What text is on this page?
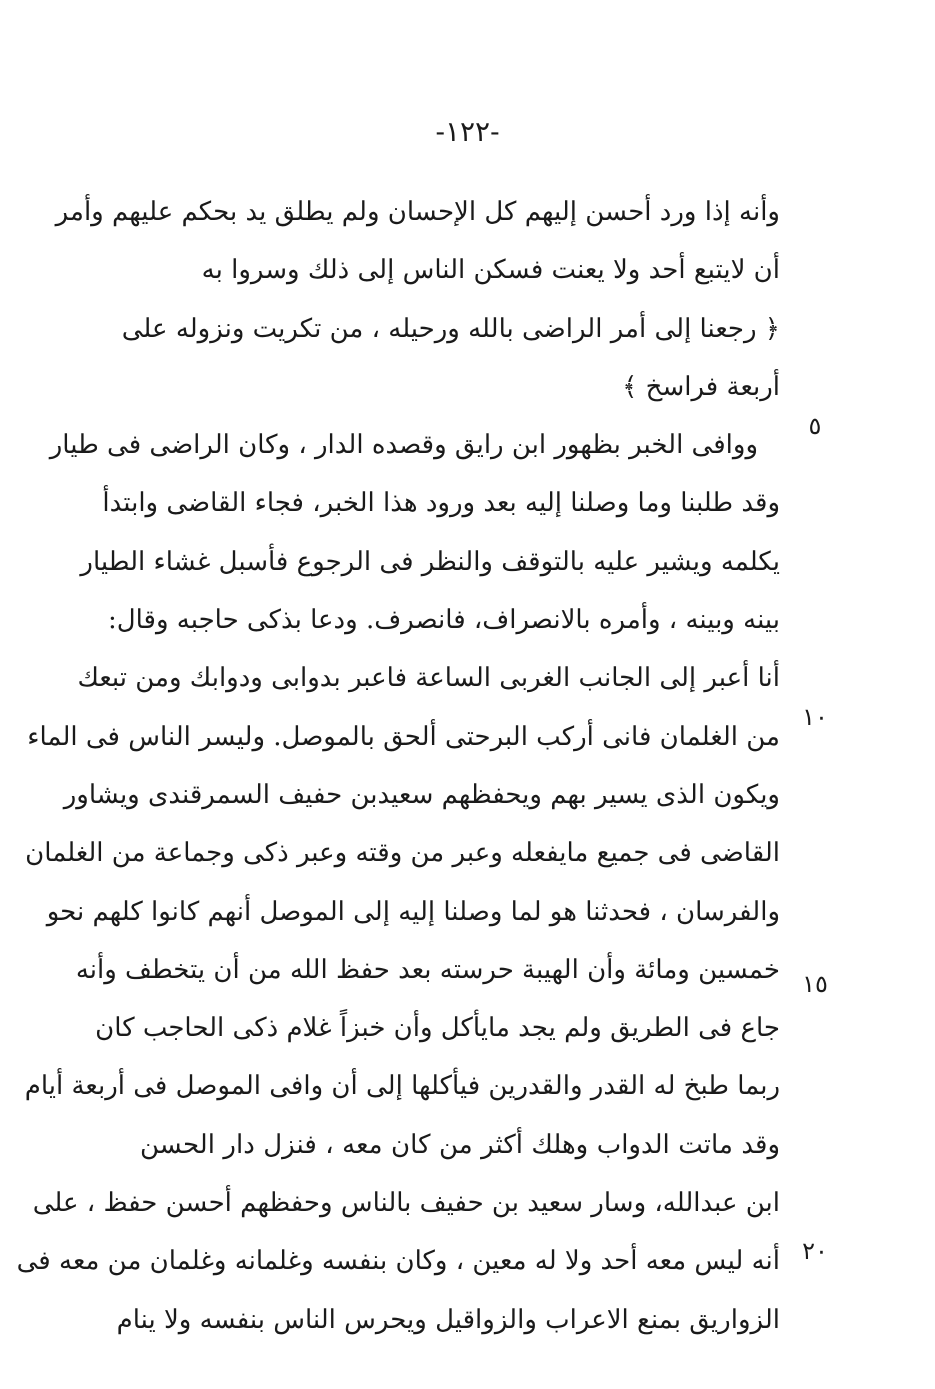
-١٢٢-
٥
١٠
١٥
٢٠
وأنه إذا ورد أحسن إليهم كل الإحسان ولم يطلق يد بحكم عليهم وأمر
أن لايتبع أحد ولا يعنت فسكن الناس إلى ذلك وسروا به
﴿ رجعنا إلى أمر الراضى بالله ورحيله ، من تكريت ونزوله على
أربعة فراسخ ﴾
ووافى الخبر بظهور ابن رايق وقصده الدار ، وكان الراضى فى طيار
وقد طلبنا وما وصلنا إليه بعد ورود هذا الخبر، فجاء القاضى وابتدأ
يكلمه ويشير عليه بالتوقف والنظر فى الرجوع فأسبل غشاء الطيار
بينه وبينه ، وأمره بالانصراف، فانصرف. ودعا بذكى حاجبه وقال:
أنا أعبر إلى الجانب الغربى الساعة فاعبر بدوابى ودوابك ومن تبعك
من الغلمان فانى أركب البرحتى ألحق بالموصل. وليسر الناس فى الماء
ويكون الذى يسير بهم ويحفظهم سعيدبن حفيف السمرقندى ويشاور
القاضى فى جميع مايفعله وعبر من وقته وعبر ذكى وجماعة من الغلمان
والفرسان ، فحدثنا هو لما وصلنا إليه إلى الموصل أنهم كانوا كلهم نحو
خمسين ومائة وأن الهيبة حرسته بعد حفظ الله من أن يتخطف وأنه
جاع فى الطريق ولم يجد مايأكل وأن خبزاً غلام ذكى الحاجب كان
ربما طبخ له القدر والقدرين فيأكلها إلى أن وافى الموصل فى أربعة أيام
وقد ماتت الدواب وهلك أكثر من كان معه ، فنزل دار الحسن
ابن عبدالله، وسار سعيد بن حفيف بالناس وحفظهم أحسن حفظ ، على
أنه ليس معه أحد ولا له معين ، وكان بنفسه وغلمانه وغلمان من معه فى
الزواريق بمنع الاعراب والزواقيل ويحرس الناس بنفسه ولا ينام
